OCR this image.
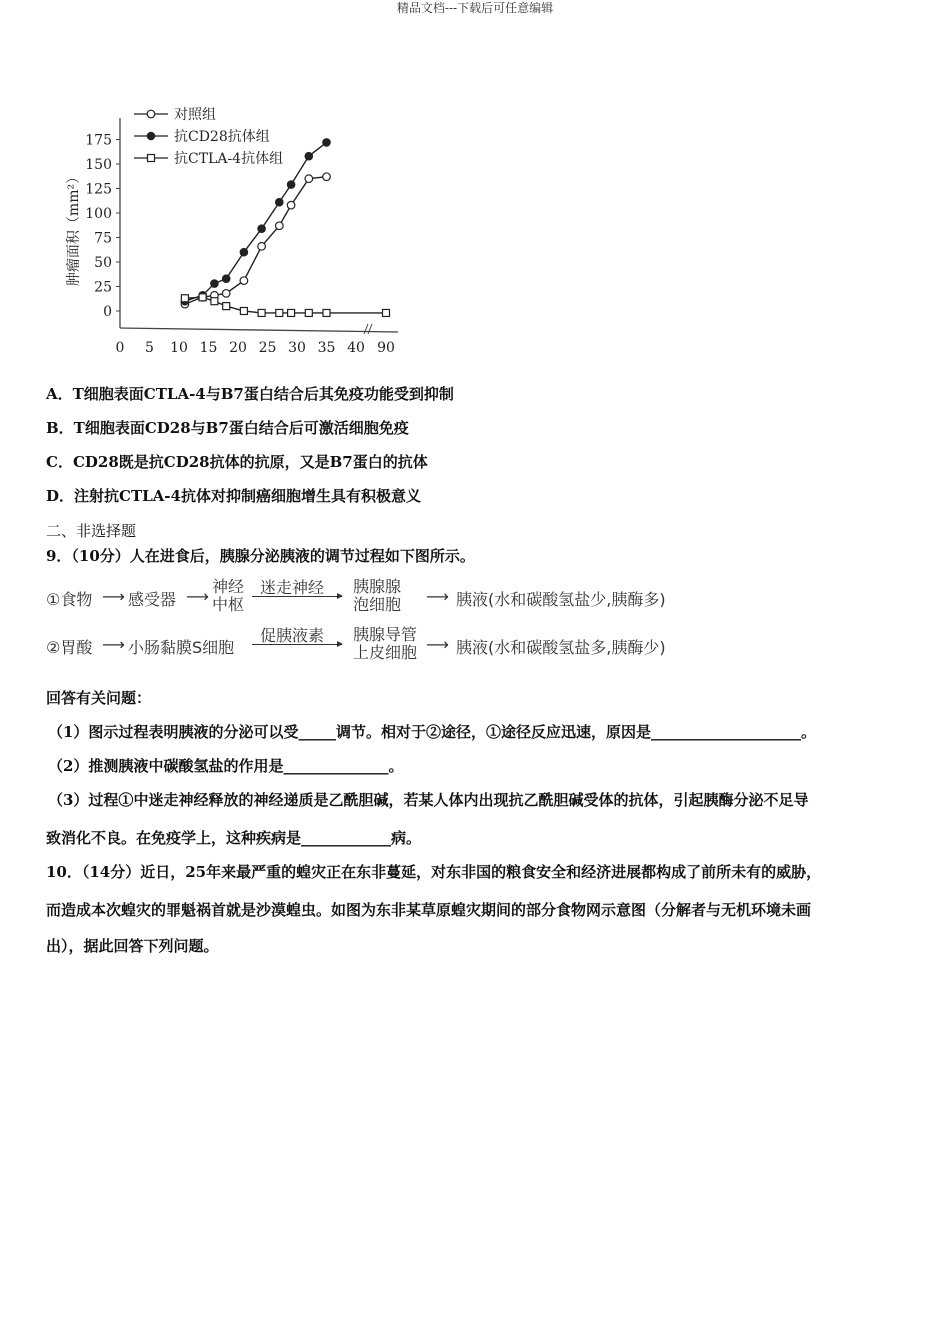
精品文档---下载后可任意编辑
0
25
50
75
100
125
150
175
0 5 10 15 20 25 30 35 40 90
肿瘤面积（mm²）
对照组
抗CD28抗体组
抗CTLA-4抗体组
A．T细胞表面CTLA-4与B7蛋白结合后其免疫功能受到抑制
B．T细胞表面CD28与B7蛋白结合后可激活细胞免疫
C．CD28既是抗CD28抗体的抗原，又是B7蛋白的抗体
D．注射抗CTLA-4抗体对抑制癌细胞增生具有积极意义
二、非选择题
9．（10分）人在进食后，胰腺分泌胰液的调节过程如下图所示。
①食物 ⟶ 感受器 ⟶
神经
中枢
迷走神经 胰腺腺
泡细胞 ⟶ 胰液(水和碳酸氢盐少,胰酶多)
②胃酸 ⟶ 小肠黏膜S细胞
促胰液素 胰腺导管
上皮细胞 ⟶ 胰液(水和碳酸氢盐多,胰酶少)
回答有关问题：
（1）图示过程表明胰液的分泌可以受_____调节。相对于②途径，①途径反应迅速，原因是____________________。
（2）推测胰液中碳酸氢盐的作用是______________。
（3）过程①中迷走神经释放的神经递质是乙酰胆碱，若某人体内出现抗乙酰胆碱受体的抗体，引起胰酶分泌不足导
致消化不良。在免疫学上，这种疾病是____________病。
10．（14分）近日，25年来最严重的蝗灾正在东非蔓延，对东非国的粮食安全和经济进展都构成了前所未有的威胁，
而造成本次蝗灾的罪魁祸首就是沙漠蝗虫。如图为东非某草原蝗灾期间的部分食物网示意图（分解者与无机环境未画
出），据此回答下列问题。
